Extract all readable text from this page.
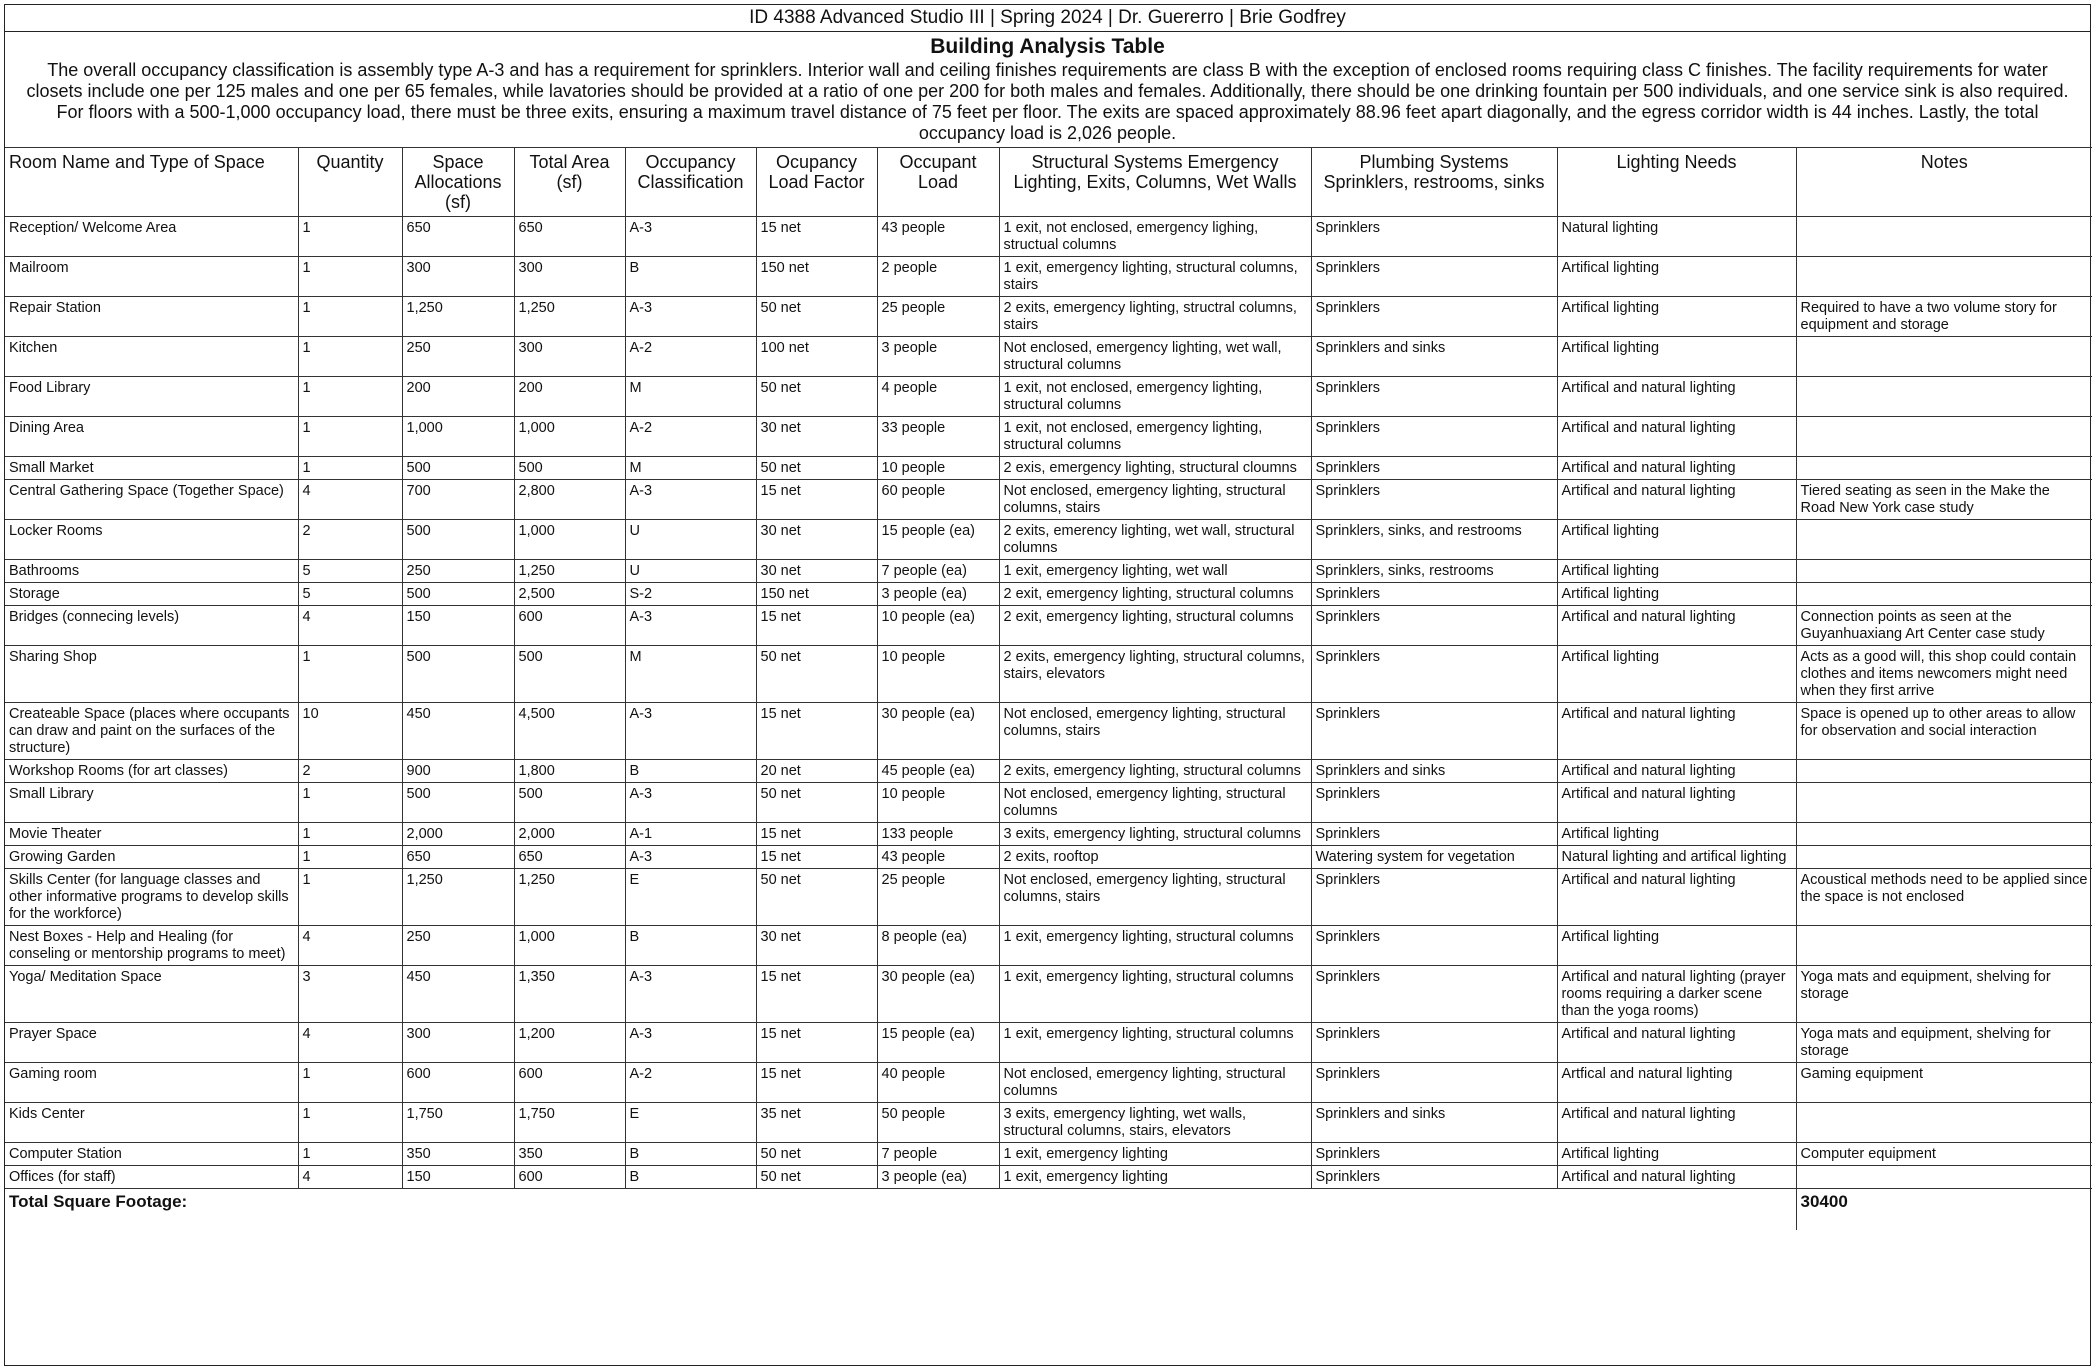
ID 4388 Advanced Studio III | Spring 2024 | Dr. Guererro | Brie Godfrey
Building Analysis Table
The overall occupancy classification is assembly type A-3 and has a requirement for sprinklers. Interior wall and ceiling finishes requirements are class B with the exception of enclosed rooms requiring class C finishes. The facility requirements for water closets include one per 125 males and one per 65 females, while lavatories should be provided at a ratio of one per 200 for both males and females. Additionally, there should be one drinking fountain per 500 individuals, and one service sink is also required. For floors with a 500-1,000 occupancy load, there must be three exits, ensuring a maximum travel distance of 75 feet per floor. The exits are spaced approximately 88.96 feet apart diagonally, and the egress corridor width is 44 inches. Lastly, the total occupancy load is 2,026 people.
Room Name and Type of Space	Quantity	Space Allocations (sf)	Total Area (sf)	Occupancy Classification	Ocupancy Load Factor	Occupant Load	Structural Systems Emergency Lighting, Exits, Columns, Wet Walls	Plumbing Systems Sprinklers, restrooms, sinks	Lighting Needs	Notes
Reception/ Welcome Area	1	650	650	A-3	15 net	43 people	1 exit, not enclosed, emergency lighing, structual columns	Sprinklers	Natural lighting	
Mailroom	1	300	300	B	150 net	2 people	1 exit, emergency lighting, structural columns, stairs	Sprinklers	Artifical lighting	
Repair Station	1	1,250	1,250	A-3	50 net	25 people	2 exits, emergency lighting, structral columns, stairs	Sprinklers	Artifical lighting	Required to have a two volume story for equipment and storage
Kitchen	1	250	300	A-2	100 net	3 people	Not enclosed, emergency lighting, wet wall, structural columns	Sprinklers and sinks	Artifical lighting	
Food Library	1	200	200	M	50 net	4 people	1 exit, not enclosed, emergency lighting, structural columns	Sprinklers	Artifical and natural lighting	
Dining Area	1	1,000	1,000	A-2	30 net	33 people	1 exit, not enclosed, emergency lighting, structural columns	Sprinklers	Artifical and natural lighting	
Small Market	1	500	500	M	50 net	10 people	2 exis, emergency lighting, structural cloumns	Sprinklers	Artifical and natural lighting	
Central Gathering Space (Together Space)	4	700	2,800	A-3	15 net	60 people	Not enclosed, emergency lighting, structural columns, stairs	Sprinklers	Artifical and natural lighting	Tiered seating as seen in the Make the Road New York case study
Locker Rooms	2	500	1,000	U	30 net	15 people (ea)	2 exits, emerency lighting, wet wall, structural columns	Sprinklers, sinks, and restrooms	Artifical lighting	
Bathrooms	5	250	1,250	U	30 net	7 people (ea)	1 exit, emergency lighting, wet wall	Sprinklers, sinks, restrooms	Artifical lighting	
Storage	5	500	2,500	S-2	150 net	3 people (ea)	2 exit, emergency lighting, structural columns	Sprinklers	Artifical lighting	
Bridges (connecing levels)	4	150	600	A-3	15 net	10 people (ea)	2 exit, emergency lighting, structural columns	Sprinklers	Artifical and natural lighting	Connection points as seen at the Guyanhuaxiang Art Center case study
Sharing Shop	1	500	500	M	50 net	10 people	2 exits, emergency lighting, structural columns, stairs, elevators	Sprinklers	Artifical lighting	Acts as a good will, this shop could contain clothes and items newcomers might need when they first arrive
Createable Space (places where occupants can draw and paint on the surfaces of the structure)	10	450	4,500	A-3	15 net	30 people (ea)	Not enclosed, emergency lighting, structural columns, stairs	Sprinklers	Artifical and natural lighting	Space is opened up to other areas to allow for observation and social interaction
Workshop Rooms (for art classes)	2	900	1,800	B	20 net	45 people (ea)	2 exits, emergency lighting, structural columns	Sprinklers and sinks	Artifical and natural lighting	
Small Library	1	500	500	A-3	50 net	10 people	Not enclosed, emergency lighting, structural columns	Sprinklers	Artifical and natural lighting	
Movie Theater	1	2,000	2,000	A-1	15 net	133 people	3 exits, emergency lighting, structural columns	Sprinklers	Artifical lighting	
Growing Garden	1	650	650	A-3	15 net	43 people	2 exits, rooftop	Watering system for vegetation	Natural lighting and artifical lighting	
Skills Center (for language classes and other informative programs to develop skills for the workforce)	1	1,250	1,250	E	50 net	25 people	Not enclosed, emergency lighting, structural columns, stairs	Sprinklers	Artifical and natural lighting	Acoustical methods need to be applied since the space is not enclosed
Nest Boxes - Help and Healing (for conseling or mentorship programs to meet)	4	250	1,000	B	30 net	8 people (ea)	1 exit, emergency lighting, structural columns	Sprinklers	Artifical lighting	
Yoga/ Meditation Space	3	450	1,350	A-3	15 net	30 people (ea)	1 exit, emergency lighting, structural columns	Sprinklers	Artifical and natural lighting (prayer rooms requiring a darker scene than the yoga rooms)	Yoga mats and equipment, shelving for storage
Prayer Space	4	300	1,200	A-3	15 net	15 people (ea)	1 exit, emergency lighting, structural columns	Sprinklers	Artifical and natural lighting	Yoga mats and equipment, shelving for storage
Gaming room	1	600	600	A-2	15 net	40 people	Not enclosed, emergency lighting, structural columns	Sprinklers	Artfical and natural lighting	Gaming equipment
Kids Center	1	1,750	1,750	E	35 net	50 people	3 exits, emergency lighting, wet walls, structural columns, stairs, elevators	Sprinklers and sinks	Artifical and natural lighting	
Computer Station	1	350	350	B	50 net	7 people	1 exit, emergency lighting	Sprinklers	Artifical lighting	Computer equipment
Offices (for staff)	4	150	600	B	50 net	3 people (ea)	1 exit, emergency lighting	Sprinklers	Artifical and natural lighting	
Total Square Footage:										30400
